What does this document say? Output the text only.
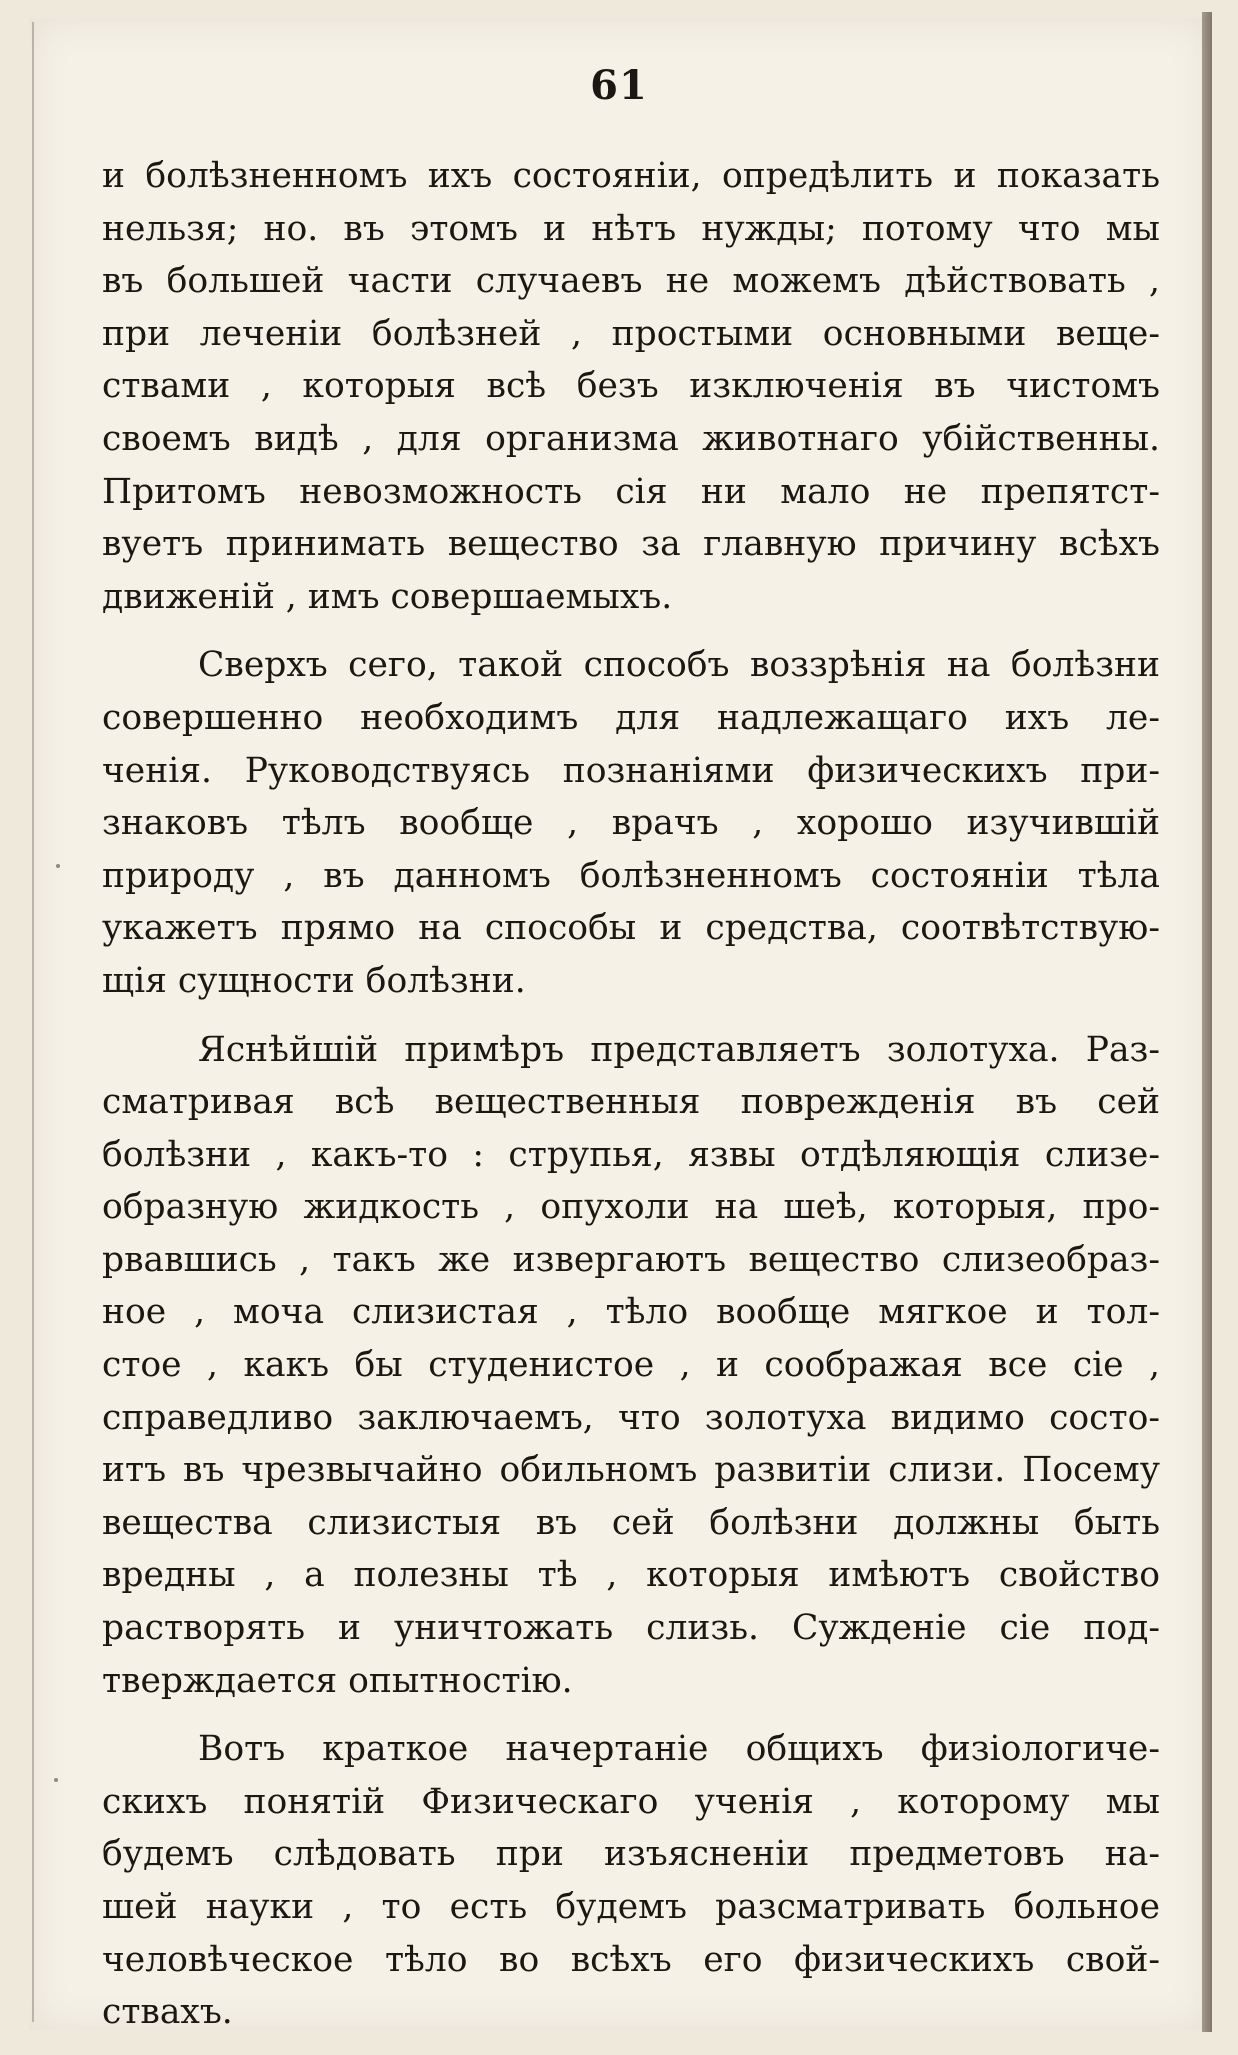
61
и болѣзненномъ ихъ состояніи, опредѣлить и показать
нельзя; но. въ этомъ и нѣтъ нужды; потому что мы
въ большей части случаевъ не можемъ дѣйствовать ,
при леченіи болѣзней , простыми основными веще-
ствами , которыя всѣ безъ изключенія въ чистомъ
своемъ видѣ , для организма животнаго убійственны.
Притомъ невозможность сія ни мало не препятст-
вуетъ принимать вещество за главную причину всѣхъ
движеній , имъ совершаемыхъ.
Сверхъ сего, такой способъ воззрѣнія на болѣзни
совершенно необходимъ для надлежащаго ихъ ле-
ченія. Руководствуясь познаніями физическихъ при-
знаковъ тѣлъ вообще , врачъ , хорошо изучившій
природу , въ данномъ болѣзненномъ состояніи тѣла
укажетъ прямо на способы и средства, соотвѣтствую-
щія сущности болѣзни.
Яснѣйшій примѣръ представляетъ золотуха. Раз-
сматривая всѣ вещественныя поврежденія въ сей
болѣзни , какъ-то : струпья, язвы отдѣляющія слизе-
образную жидкость , опухоли на шеѣ, которыя, про-
рвавшись , такъ же извергаютъ вещество слизеобраз-
ное , моча слизистая , тѣло вообще мягкое и тол-
стое , какъ бы студенистое , и соображая все сіе ,
справедливо заключаемъ, что золотуха видимо состо-
итъ въ чрезвычайно обильномъ развитіи слизи. Посему
вещества слизистыя въ сей болѣзни должны быть
вредны , а полезны тѣ , которыя имѣютъ свойство
растворять и уничтожать слизь. Сужденіе сіе под-
тверждается опытностію.
Вотъ краткое начертаніе общихъ физіологиче-
скихъ понятій Физическаго ученія , которому мы
будемъ слѣдовать при изъясненіи предметовъ на-
шей науки , то есть будемъ разсматривать больное
человѣческое тѣло во всѣхъ его физическихъ свой-
ствахъ.
